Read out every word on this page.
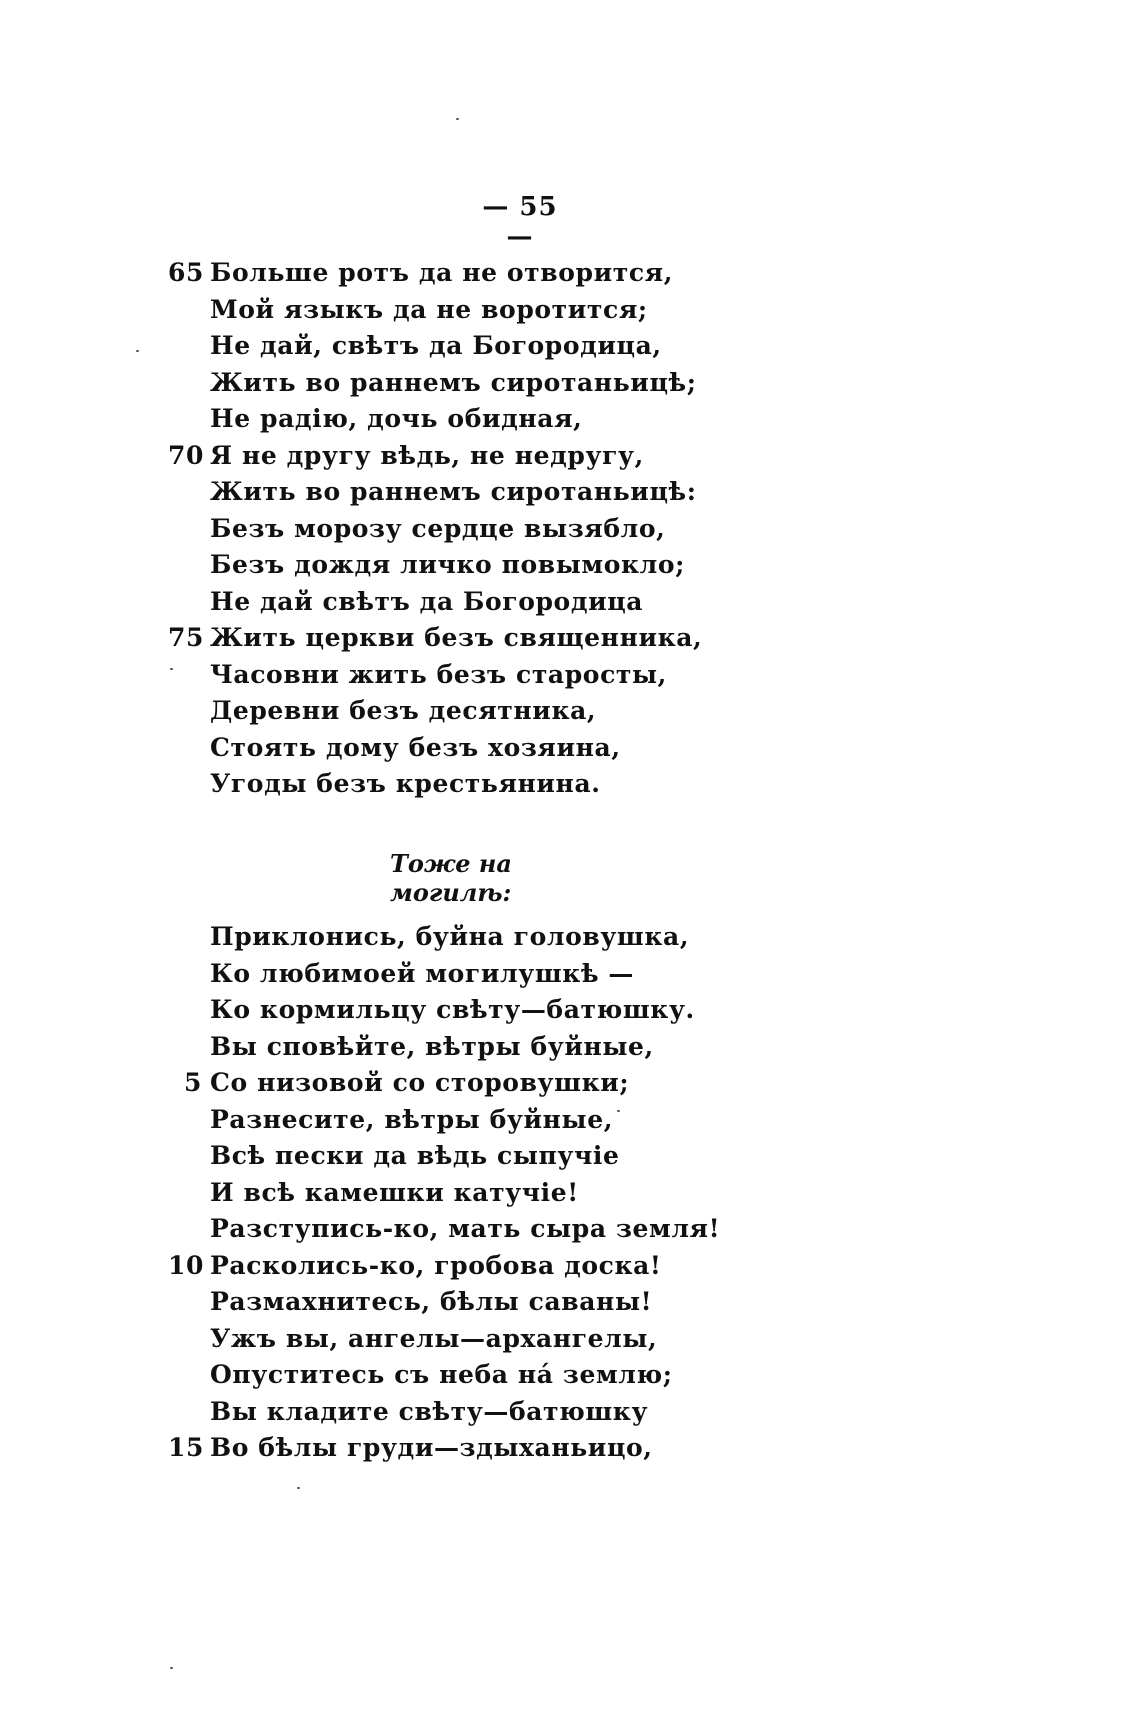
— 55 —
65 Больше ротъ да не отворится,
Мой языкъ да не воротится;
Не дай, свѣтъ да Богородица,
Жить во раннемъ сиротаньицѣ;
Не радiю, дочь обидная,
70 Я не другу вѣдь, не недругу,
Жить во раннемъ сиротаньицѣ:
Безъ морозу сердце вызябло,
Безъ дождя личко повымокло;
Не дай свѣтъ да Богородица
75 Жить церкви безъ священника,
Часовни жить безъ старосты,
Деревни безъ десятника,
Стоять дому безъ хозяина,
Угоды безъ крестьянина.
Тоже на могилѣ:
Приклонись, буйна головушка,
Ко любимоей могилушкѣ —
Ко кормильцу свѣту—батюшку.
Вы сповѣйте, вѣтры буйные,
5 Со низовой со сторовушки;
Разнесите, вѣтры буйные,
Всѣ пески да вѣдь сыпучiе
И всѣ камешки катучiе!
Разступись-ко, мать сыра земля!
10 Расколись-ко, гробова доска!
Размахнитесь, бѣлы саваны!
Ужъ вы, ангелы—архангелы,
Опуститесь съ неба нá землю;
Вы кладите свѣту—батюшку
15 Во бѣлы груди—здыханьицо,
